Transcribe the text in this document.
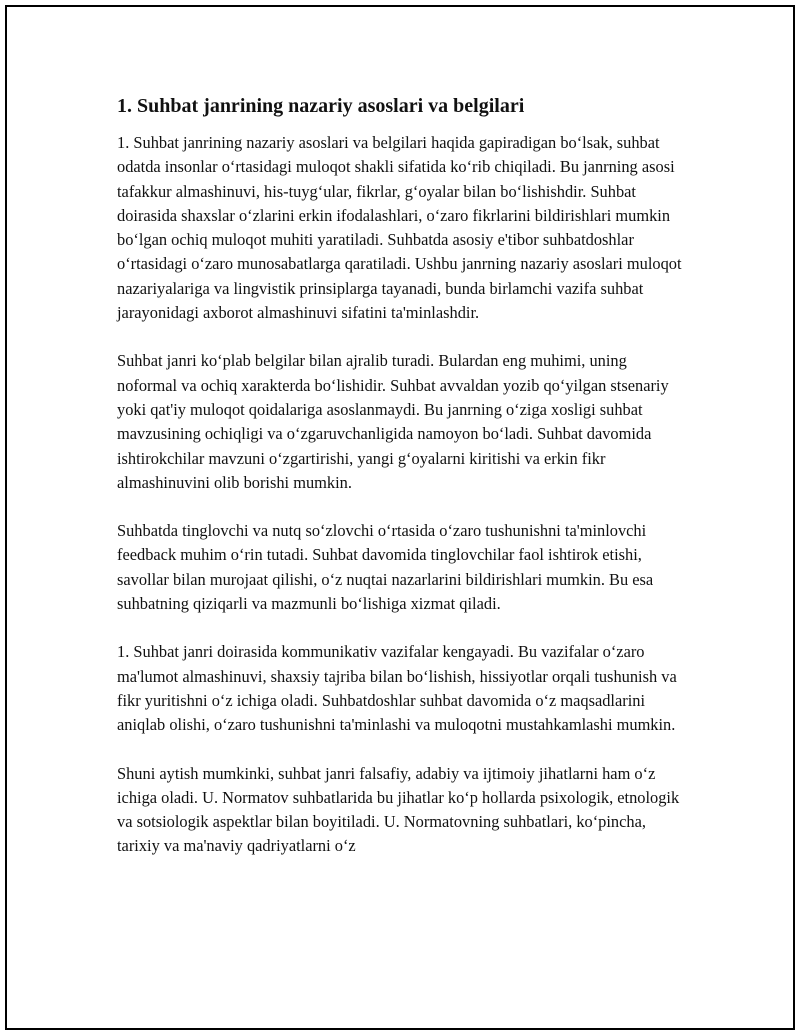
1. Suhbat janrining nazariy asoslari va belgilari

1. Suhbat janrining nazariy asoslari va belgilari haqida gapiradigan bo‘lsak, suhbat odatda insonlar o‘rtasidagi muloqot shakli sifatida ko‘rib chiqiladi. Bu janrning asosi tafakkur almashinuvi, his-tuyg‘ular, fikrlar, g‘oyalar bilan bo‘lishishdir. Suhbat doirasida shaxslar o‘zlarini erkin ifodalashlari, o‘zaro fikrlarini bildirishlari mumkin bo‘lgan ochiq muloqot muhiti yaratiladi. Suhbatda asosiy e'tibor suhbatdoshlar o‘rtasidagi o‘zaro munosabatlarga qaratiladi. Ushbu janrning nazariy asoslari muloqot nazariyalariga va lingvistik prinsiplarga tayanadi, bunda birlamchi vazifa suhbat jarayonidagi axborot almashinuvi sifatini ta'minlashdir.

Suhbat janri ko‘plab belgilar bilan ajralib turadi. Bulardan eng muhimi, uning noformal va ochiq xarakterda bo‘lishidir. Suhbat avvaldan yozib qo‘yilgan stsenariy yoki qat'iy muloqot qoidalariga asoslanmaydi. Bu janrning o‘ziga xosligi suhbat mavzusining ochiqligi va o‘zgaruvchanligida namoyon bo‘ladi. Suhbat davomida ishtirokchilar mavzuni o‘zgartirishi, yangi g‘oyalarni kiritishi va erkin fikr almashinuvini olib borishi mumkin.

Suhbatda tinglovchi va nutq so‘zlovchi o‘rtasida o‘zaro tushunishni ta'minlovchi feedback muhim o‘rin tutadi. Suhbat davomida tinglovchilar faol ishtirok etishi, savollar bilan murojaat qilishi, o‘z nuqtai nazarlarini bildirishlari mumkin. Bu esa suhbatning qiziqarli va mazmunli bo‘lishiga xizmat qiladi.

1. Suhbat janri doirasida kommunikativ vazifalar kengayadi. Bu vazifalar o‘zaro ma'lumot almashinuvi, shaxsiy tajriba bilan bo‘lishish, hissiyotlar orqali tushunish va fikr yuritishni o‘z ichiga oladi. Suhbatdoshlar suhbat davomida o‘z maqsadlarini aniqlab olishi, o‘zaro tushunishni ta'minlashi va muloqotni mustahkamlashi mumkin.

Shuni aytish mumkinki, suhbat janri falsafiy, adabiy va ijtimoiy jihatlarni ham o‘z ichiga oladi. U. Normatov suhbatlarida bu jihatlar ko‘p hollarda psixologik, etnologik va sotsiologik aspektlar bilan boyitiladi. U. Normatovning suhbatlari, ko‘pincha, tarixiy va ma'naviy qadriyatlarni o‘z
